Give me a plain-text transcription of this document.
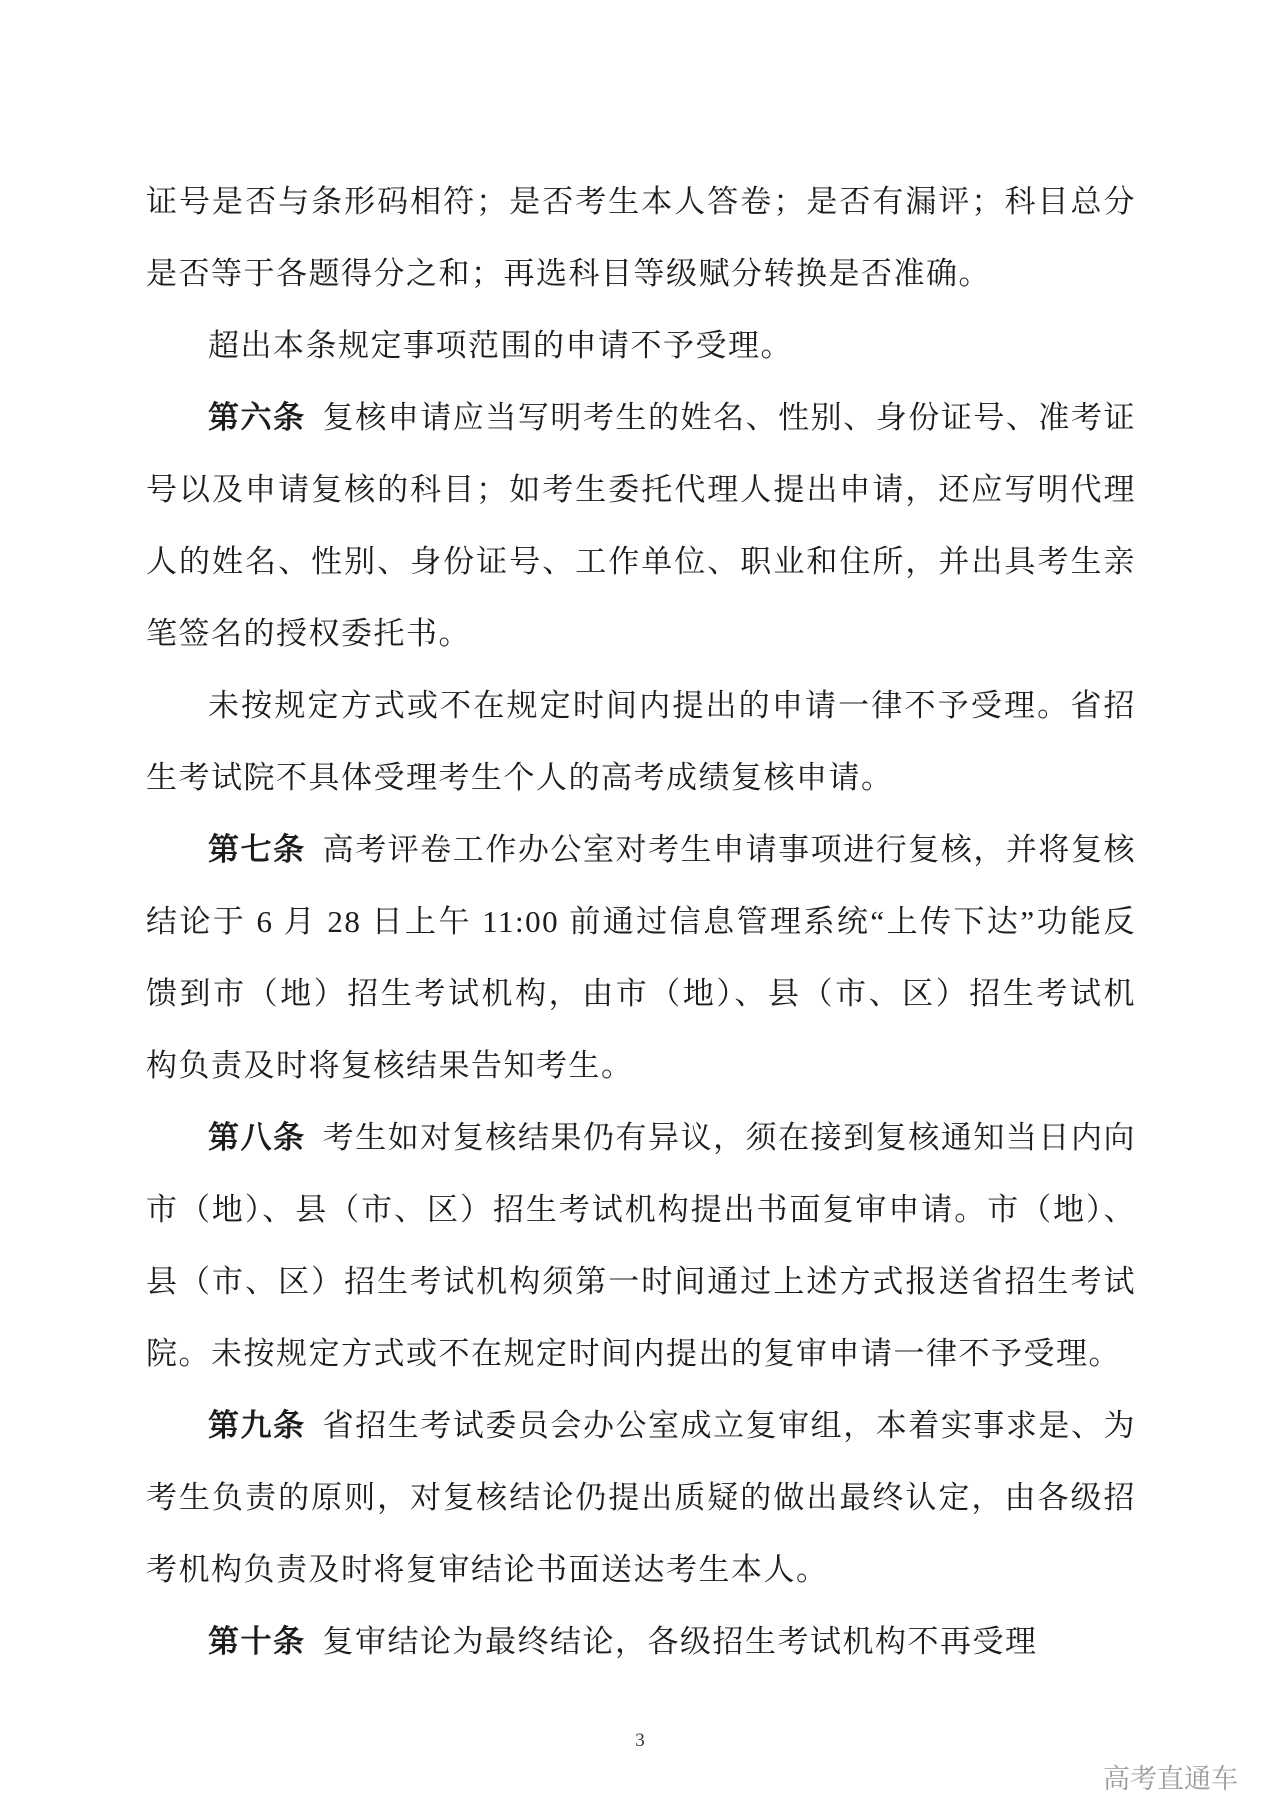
证号是否与条形码相符；是否考生本人答卷；是否有漏评；科目总分是否等于各题得分之和；再选科目等级赋分转换是否准确。

超出本条规定事项范围的申请不予受理。

第六条 复核申请应当写明考生的姓名、性别、身份证号、准考证号以及申请复核的科目；如考生委托代理人提出申请，还应写明代理人的姓名、性别、身份证号、工作单位、职业和住所，并出具考生亲笔签名的授权委托书。

未按规定方式或不在规定时间内提出的申请一律不予受理。省招生考试院不具体受理考生个人的高考成绩复核申请。

第七条 高考评卷工作办公室对考生申请事项进行复核，并将复核结论于 6 月 28 日上午 11:00 前通过信息管理系统“上传下达”功能反馈到市（地）招生考试机构，由市（地）、县（市、区）招生考试机构负责及时将复核结果告知考生。

第八条 考生如对复核结果仍有异议，须在接到复核通知当日内向市（地）、县（市、区）招生考试机构提出书面复审申请。市（地）、县（市、区）招生考试机构须第一时间通过上述方式报送省招生考试院。未按规定方式或不在规定时间内提出的复审申请一律不予受理。

第九条 省招生考试委员会办公室成立复审组，本着实事求是、为考生负责的原则，对复核结论仍提出质疑的做出最终认定，由各级招考机构负责及时将复审结论书面送达考生本人。

第十条 复审结论为最终结论，各级招生考试机构不再受理

3
高考直通车
